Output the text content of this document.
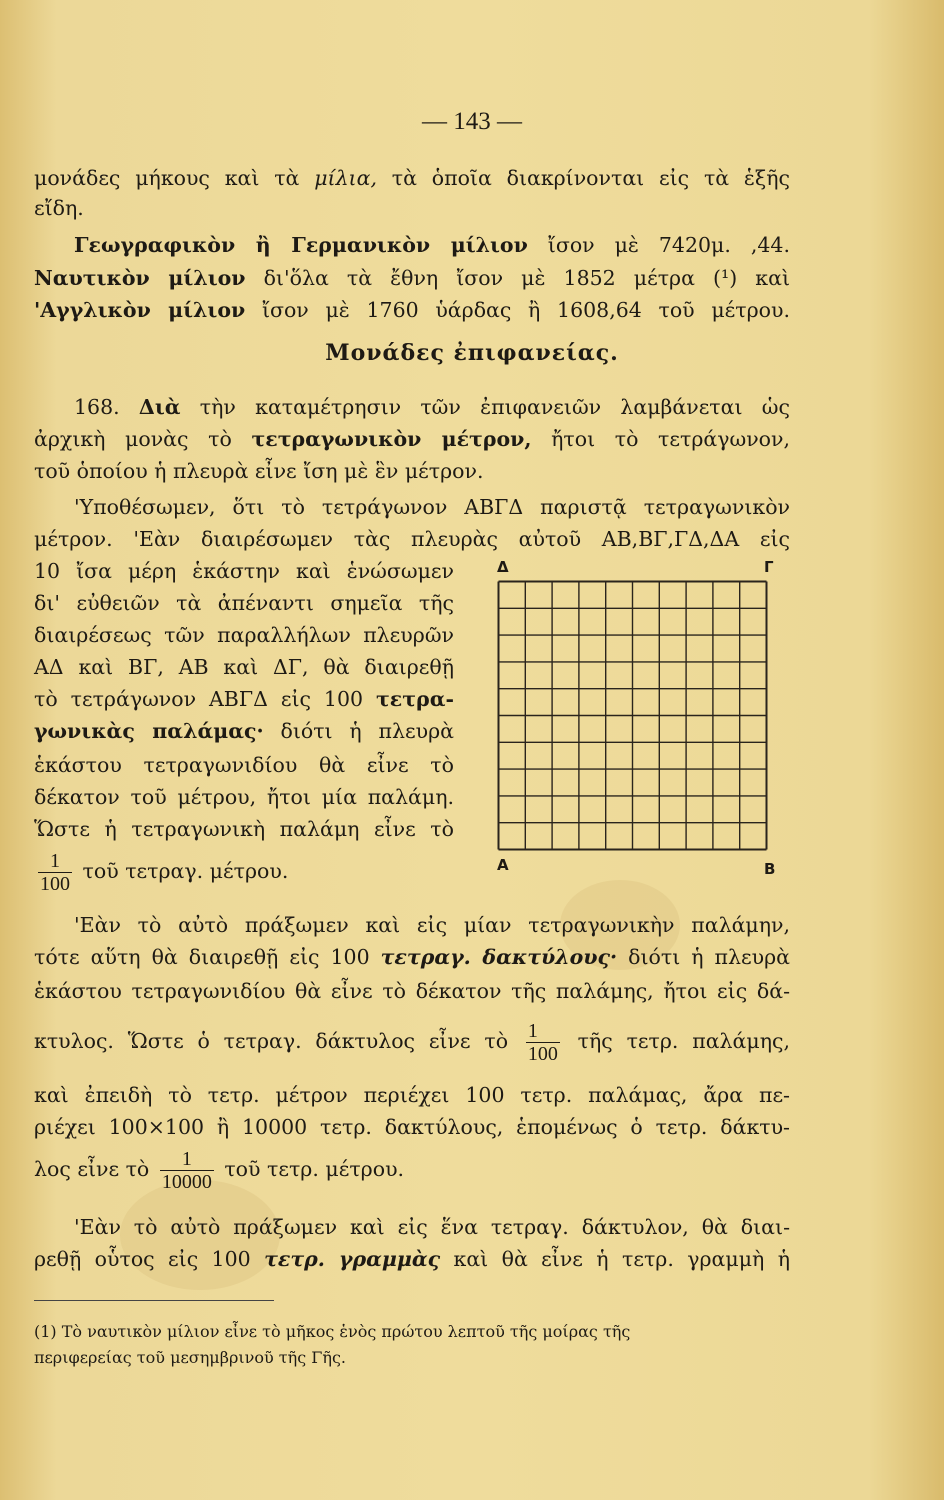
— 143 —
μονάδες μήκους καὶ τὰ μίλια, τὰ ὁποῖα διακρίνονται εἰς τὰ ἑξῆς
εἴδη.
Γεωγραφικὸν ἢ Γερμανικὸν μίλιον ἴσον μὲ 7420μ. ,44.
Ναυτικὸν μίλιον δι'ὅλα τὰ ἔθνη ἴσον μὲ 1852 μέτρα (¹) καὶ
'Αγγλικὸν μίλιον ἴσον μὲ 1760 ὑάρδας ἢ 1608,64 τοῦ μέτρου.
Μονάδες ἐπιφανείας.
168. Διὰ τὴν καταμέτρησιν τῶν ἐπιφανειῶν λαμβάνεται ὡς
ἀρχικὴ μονὰς τὸ τετραγωνικὸν μέτρον, ἤτοι τὸ τετράγωνον,
τοῦ ὁποίου ἡ πλευρὰ εἶνε ἴση μὲ ἓν μέτρον.
'Υποθέσωμεν, ὅτι τὸ τετράγωνον ΑΒΓΔ παριστᾷ τετραγωνικὸν
μέτρον. 'Εὰν διαιρέσωμεν τὰς πλευρὰς αὐτοῦ ΑΒ,ΒΓ,ΓΔ,ΔΑ εἰς
10 ἴσα μέρη ἑκάστην καὶ ἑνώσωμεν
δι' εὐθειῶν τὰ ἀπέναντι σημεῖα τῆς
διαιρέσεως τῶν παραλλήλων πλευρῶν
ΑΔ καὶ ΒΓ, ΑΒ καὶ ΔΓ, θὰ διαιρεθῇ
τὸ τετράγωνον ΑΒΓΔ εἰς 100 τετρα-
γωνικὰς παλάμας· διότι ἡ πλευρὰ
ἑκάστου τετραγωνιδίου θὰ εἶνε τὸ
δέκατον τοῦ μέτρου, ἤτοι μία παλάμη.
Ὥστε ἡ τετραγωνικὴ παλάμη εἶνε τὸ
$\frac{1}{100}$ τοῦ τετραγ. μέτρου.
Δ	Γ
Α	Β
'Εὰν τὸ αὐτὸ πράξωμεν καὶ εἰς μίαν τετραγωνικὴν παλάμην,
τότε αὕτη θὰ διαιρεθῇ εἰς 100 τετραγ. δακτύλους· διότι ἡ πλευρὰ
ἑκάστου τετραγωνιδίου θὰ εἶνε τὸ δέκατον τῆς παλάμης, ἤτοι εἰς δά-
κτυλος. Ὥστε ὁ τετραγ. δάκτυλος εἶνε τὸ $\frac{1}{100}$ τῆς τετρ. παλάμης,
καὶ ἐπειδὴ τὸ τετρ. μέτρον περιέχει 100 τετρ. παλάμας, ἄρα πε-
ριέχει 100×100 ἢ 10000 τετρ. δακτύλους, ἑπομένως ὁ τετρ. δάκτυ-
λος εἶνε τὸ $\frac{1}{10000}$ τοῦ τετρ. μέτρου.
'Εὰν τὸ αὐτὸ πράξωμεν καὶ εἰς ἕνα τετραγ. δάκτυλον, θὰ διαι-
ρεθῇ οὗτος εἰς 100 τετρ. γραμμὰς καὶ θὰ εἶνε ἡ τετρ. γραμμὴ ἡ
(1) Τὸ ναυτικὸν μίλιον εἶνε τὸ μῆκος ἑνὸς πρώτου λεπτοῦ τῆς μοίρας τῆς
περιφερείας τοῦ μεσημβρινοῦ τῆς Γῆς.
